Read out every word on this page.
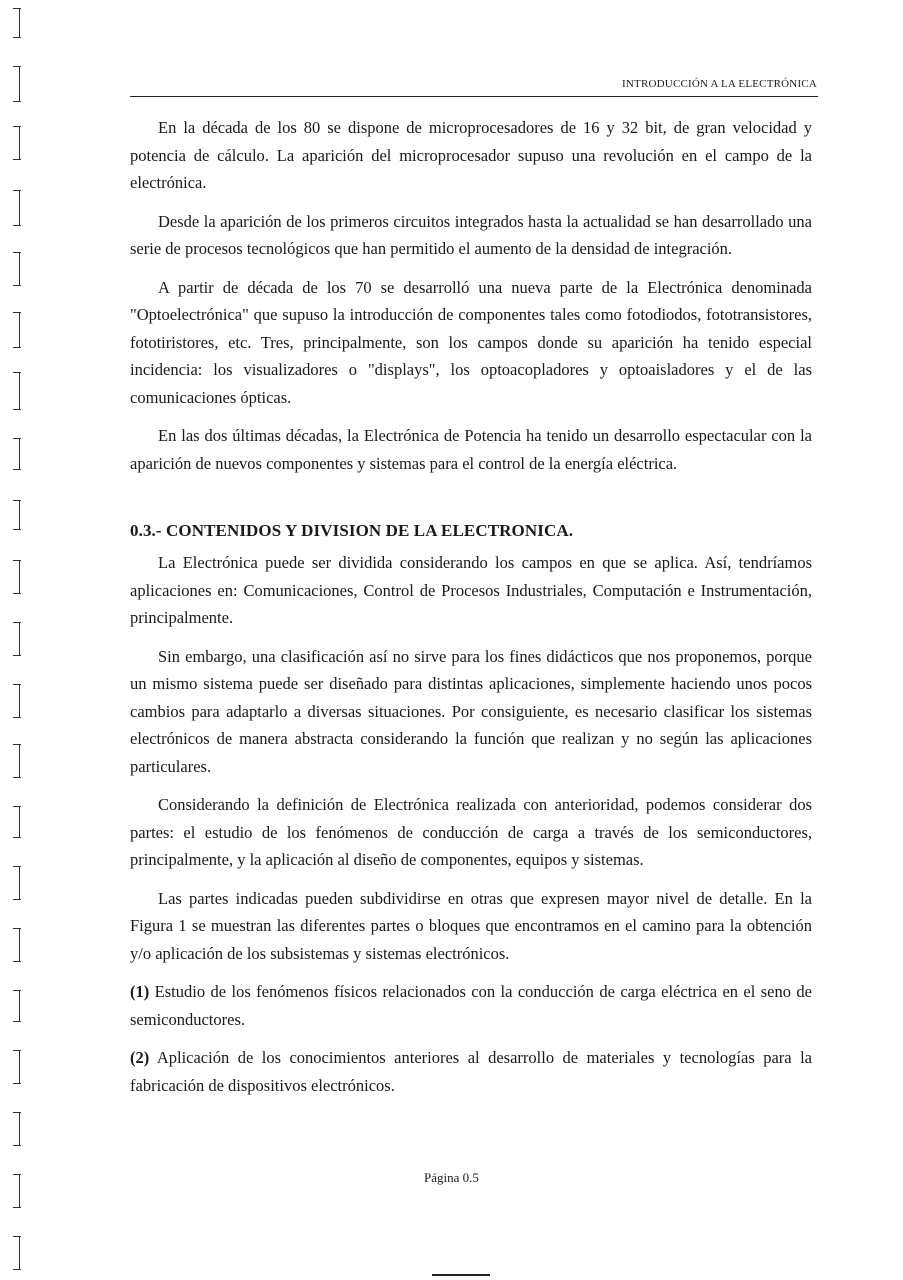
INTRODUCCIÓN A LA ELECTRÓNICA

En la década de los 80 se dispone de microprocesadores de 16 y 32 bit, de gran velocidad y potencia de cálculo. La aparición del microprocesador supuso una revolución en el campo de la electrónica.

Desde la aparición de los primeros circuitos integrados hasta la actualidad se han desarrollado una serie de procesos tecnológicos que han permitido el aumento de la densidad de integración.

A partir de década de los 70 se desarrolló una nueva parte de la Electrónica denominada "Optoelectrónica" que supuso la introducción de componentes tales como fotodiodos, fototransistores, fototiristores, etc. Tres, principalmente, son los campos donde su aparición ha tenido especial incidencia: los visualizadores o "displays", los optoacopladores y optoaisladores y el de las comunicaciones ópticas.

En las dos últimas décadas, la Electrónica de Potencia ha tenido un desarrollo espectacular con la aparición de nuevos componentes y sistemas para el control de la energía eléctrica.

0.3.- CONTENIDOS Y DIVISION DE LA ELECTRONICA.

La Electrónica puede ser dividida considerando los campos en que se aplica. Así, tendríamos aplicaciones en: Comunicaciones, Control de Procesos Industriales, Computación e Instrumentación, principalmente.

Sin embargo, una clasificación así no sirve para los fines didácticos que nos proponemos, porque un mismo sistema puede ser diseñado para distintas aplicaciones, simplemente haciendo unos pocos cambios para adaptarlo a diversas situaciones. Por consiguiente, es necesario clasificar los sistemas electrónicos de manera abstracta considerando la función que realizan y no según las aplicaciones particulares.

Considerando la definición de Electrónica realizada con anterioridad, podemos considerar dos partes: el estudio de los fenómenos de conducción de carga a través de los semiconductores, principalmente, y la aplicación al diseño de componentes, equipos y sistemas.

Las partes indicadas pueden subdividirse en otras que expresen mayor nivel de detalle. En la Figura 1 se muestran las diferentes partes o bloques que encontramos en el camino para la obtención y/o aplicación de los subsistemas y sistemas electrónicos.

(1) Estudio de los fenómenos físicos relacionados con la conducción de carga eléctrica en el seno de semiconductores.

(2) Aplicación de los conocimientos anteriores al desarrollo de materiales y tecnologías para la fabricación de dispositivos electrónicos.

Página 0.5
